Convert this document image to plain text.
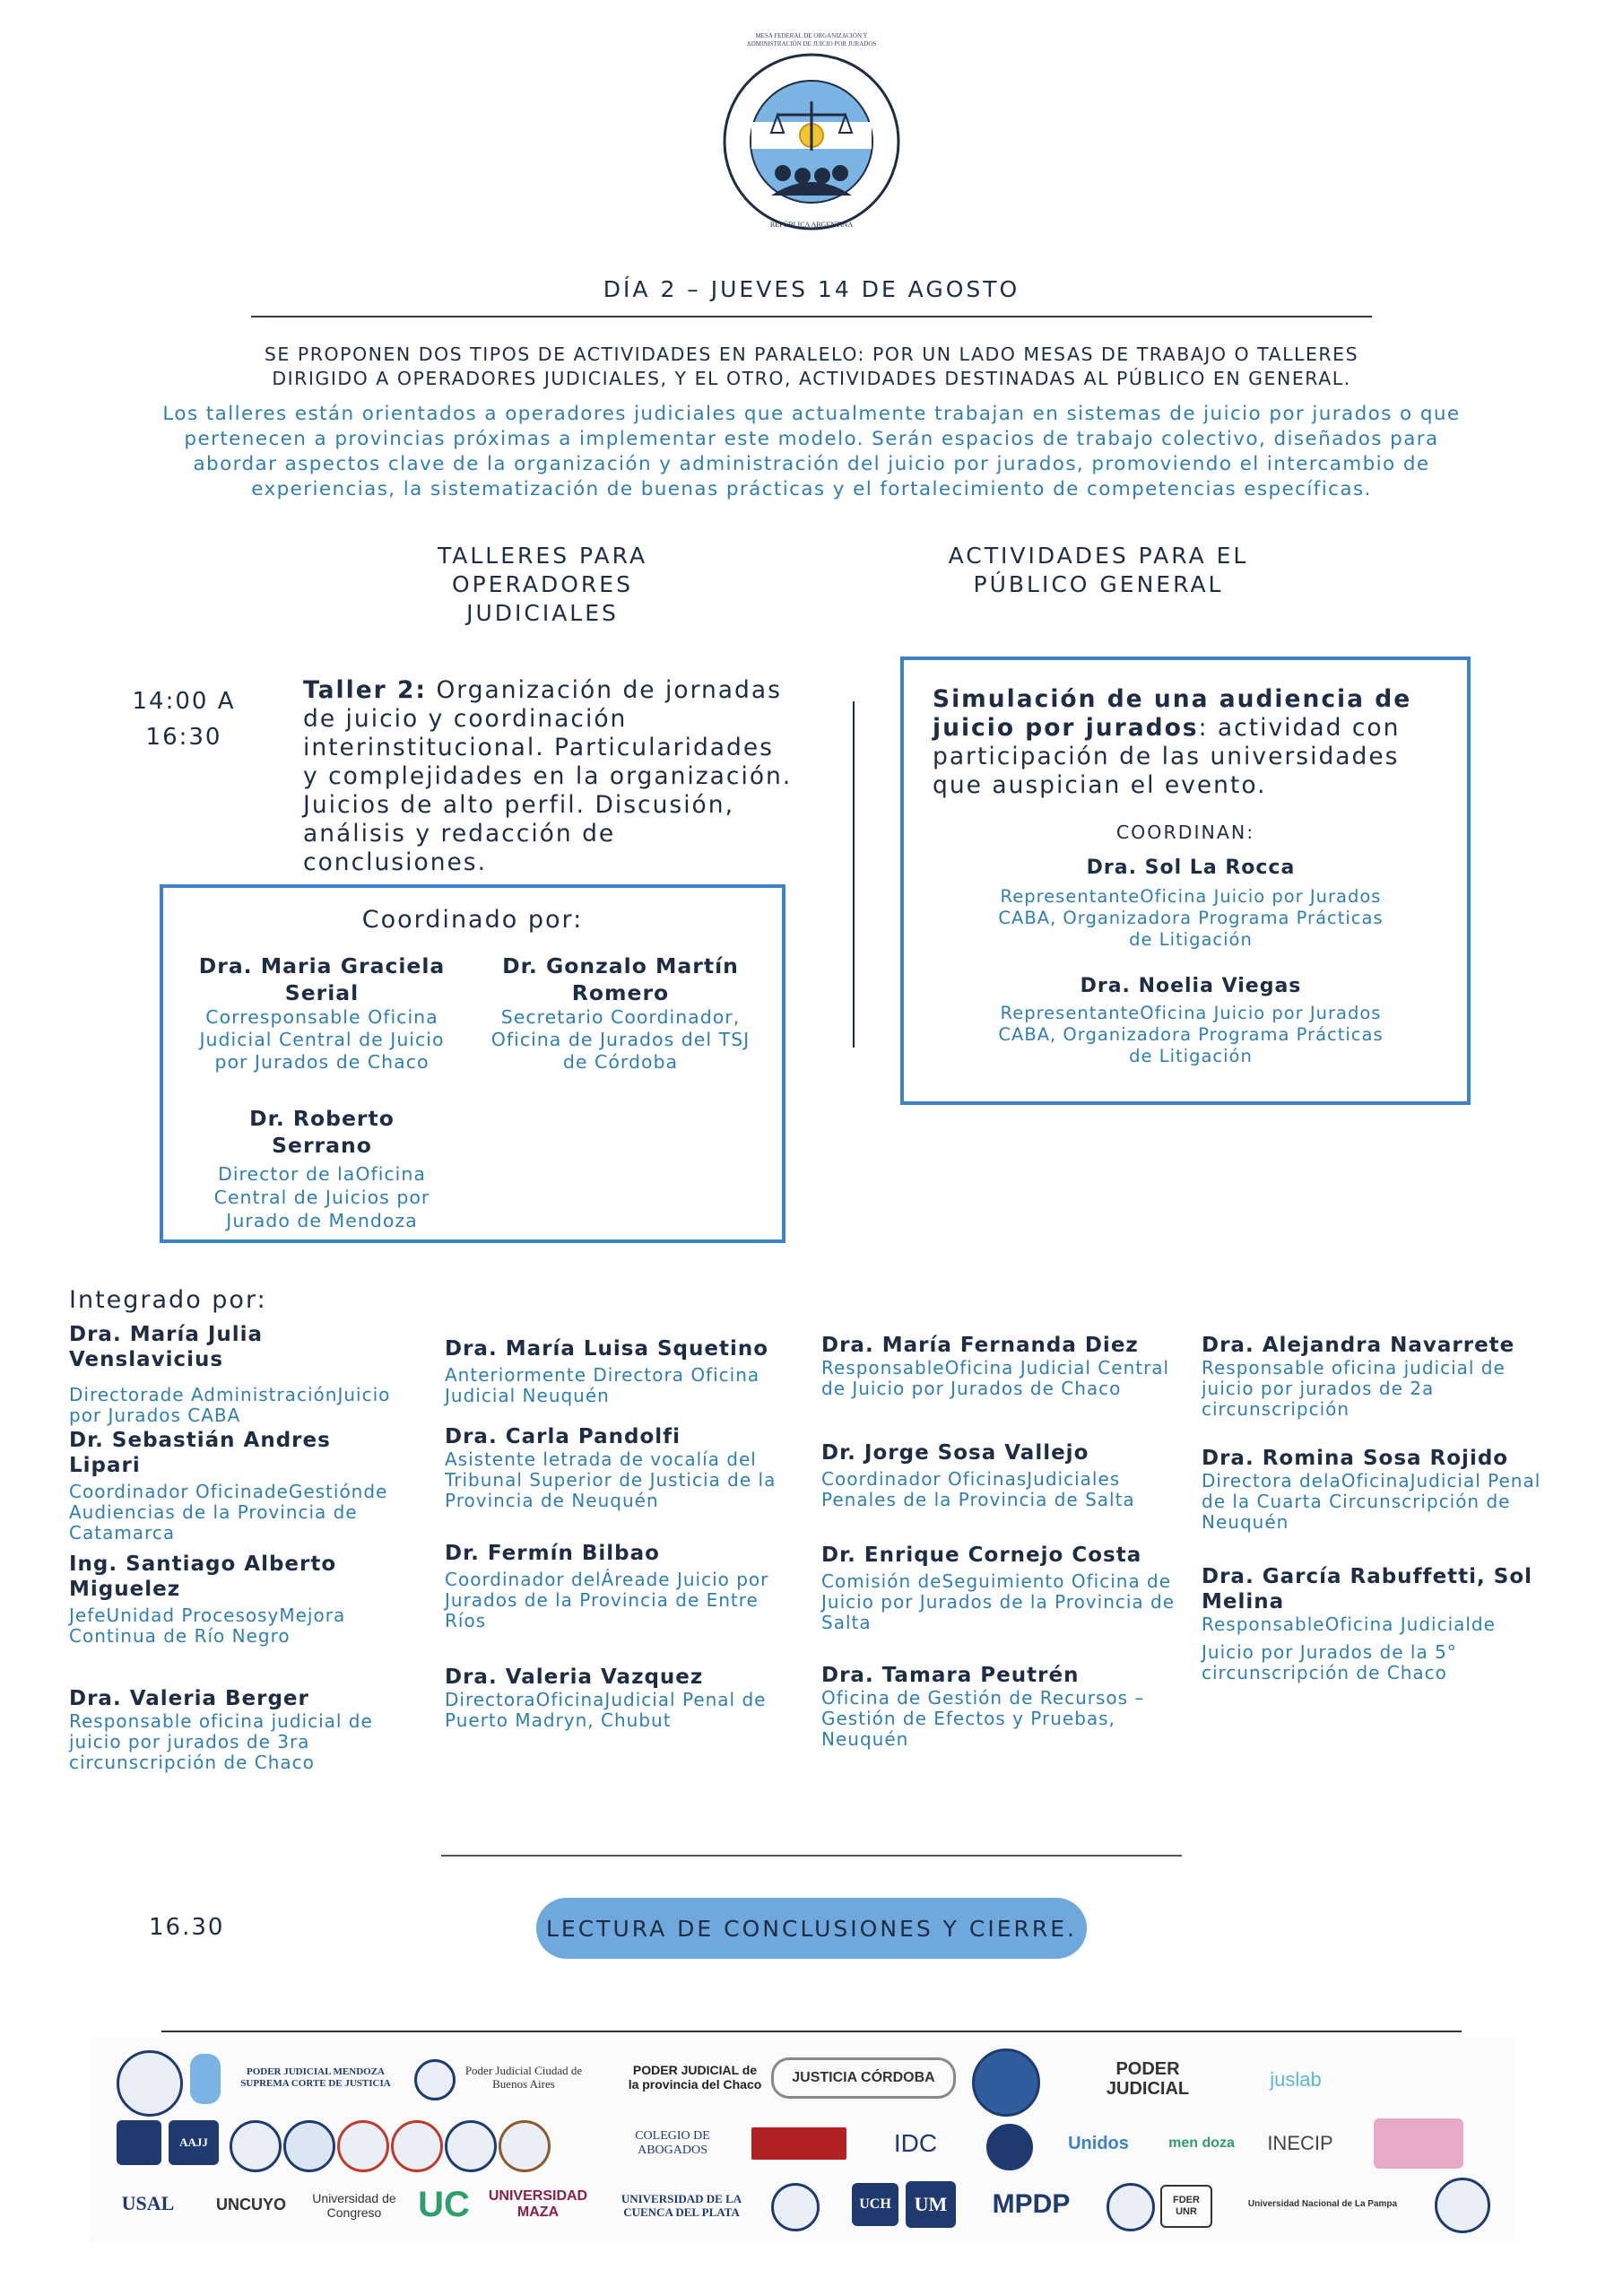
MESA FEDERAL DE ORGANIZACIÓN Y ADMINISTRACIÓN DE JUICIO POR JURADOS
REPÚBLICA ARGENTINA
DÍA 2 – JUEVES 14 DE AGOSTO
SE PROPONEN DOS TIPOS DE ACTIVIDADES EN PARALELO: POR UN LADO MESAS DE TRABAJO O TALLERES DIRIGIDO A OPERADORES JUDICIALES, Y EL OTRO, ACTIVIDADES DESTINADAS AL PÚBLICO EN GENERAL.
Los talleres están orientados a operadores judiciales que actualmente trabajan en sistemas de juicio por jurados o que pertenecen a provincias próximas a implementar este modelo. Serán espacios de trabajo colectivo, diseñados para abordar aspectos clave de la organización y administración del juicio por jurados, promoviendo el intercambio de experiencias, la sistematización de buenas prácticas y el fortalecimiento de competencias específicas.
TALLERES PARA OPERADORES JUDICIALES
ACTIVIDADES PARA EL PÚBLICO GENERAL
14:00 A 16:30
Taller 2: Organización de jornadas de juicio y coordinación interinstitucional. Particularidades y complejidades en la organización. Juicios de alto perfil. Discusión, análisis y redacción de conclusiones.
Coordinado por:
Dra. Maria Graciela Serial
Corresponsable Oficina Judicial Central de Juicio por Jurados de Chaco
Dr. Gonzalo Martín Romero
Secretario Coordinador, Oficina de Jurados del TSJ de Córdoba
Dr. Roberto Serrano
Director de laOficina Central de Juicios por Jurado de Mendoza
Simulación de una audiencia de juicio por jurados: actividad con participación de las universidades que auspician el evento.
COORDINAN:
Dra. Sol La Rocca
RepresentanteOficina Juicio por Jurados CABA, Organizadora Programa Prácticas de Litigación
Dra. Noelia Viegas
RepresentanteOficina Juicio por Jurados CABA, Organizadora Programa Prácticas de Litigación
Integrado por:
Dra. María Julia Venslavicius
Directorade AdministraciónJuicio por Jurados CABA
Dr. Sebastián Andres Lipari
Coordinador OficinadeGestiónde Audiencias de la Provincia de Catamarca
Ing. Santiago Alberto Miguelez
JefeUnidad ProcesosyMejora Continua de Río Negro
Dra. Valeria Berger
Responsable oficina judicial de juicio por jurados de 3ra circunscripción de Chaco
Dra. María Luisa Squetino
Anteriormente Directora Oficina Judicial Neuquén
Dra. Carla Pandolfi
Asistente letrada de vocalía del Tribunal Superior de Justicia de la Provincia de Neuquén
Dr. Fermín Bilbao
Coordinador delÁreade Juicio por Jurados de la Provincia de Entre Ríos
Dra. Valeria Vazquez
DirectoraOficinaJudicial Penal de Puerto Madryn, Chubut
Dra. María Fernanda Diez
ResponsableOficina Judicial Central de Juicio por Jurados de Chaco
Dr. Jorge Sosa Vallejo
Coordinador OficinasJudiciales Penales de la Provincia de Salta
Dr. Enrique Cornejo Costa
Comisión deSeguimiento Oficina de Juicio por Jurados de la Provincia de Salta
Dra. Tamara Peutrén
Oficina de Gestión de Recursos – Gestión de Efectos y Pruebas, Neuquén
Dra. Alejandra Navarrete
Responsable oficina judicial de juicio por jurados de 2a circunscripción
Dra. Romina Sosa Rojido
Directora delaOficinaJudicial Penal de la Cuarta Circunscripción de Neuquén
Dra. García Rabuffetti, Sol Melina
ResponsableOficina Judicialde
Juicio por Jurados de la 5° circunscripción de Chaco
16.30	LECTURA DE CONCLUSIONES Y CIERRE.
PODER JUDICIAL MENDOZA SUPREMA CORTE DE JUSTICIA
Poder Judicial Ciudad de Buenos Aires
PODER JUDICIAL de la provincia del Chaco	JUSTICIA CÓRDOBA	PODER JUDICIAL	juslab
AAJJ	COLEGIO DE ABOGADOS	IDC	Unidos	men doza	INECIP
USAL	UNCUYO	Universidad de Congreso	UC	UNIVERSIDAD MAZA
UNIVERSIDAD DE LA CUENCA DEL PLATA
UCH	UM	MPDP	FDER UNR
Universidad Nacional de La Pampa
